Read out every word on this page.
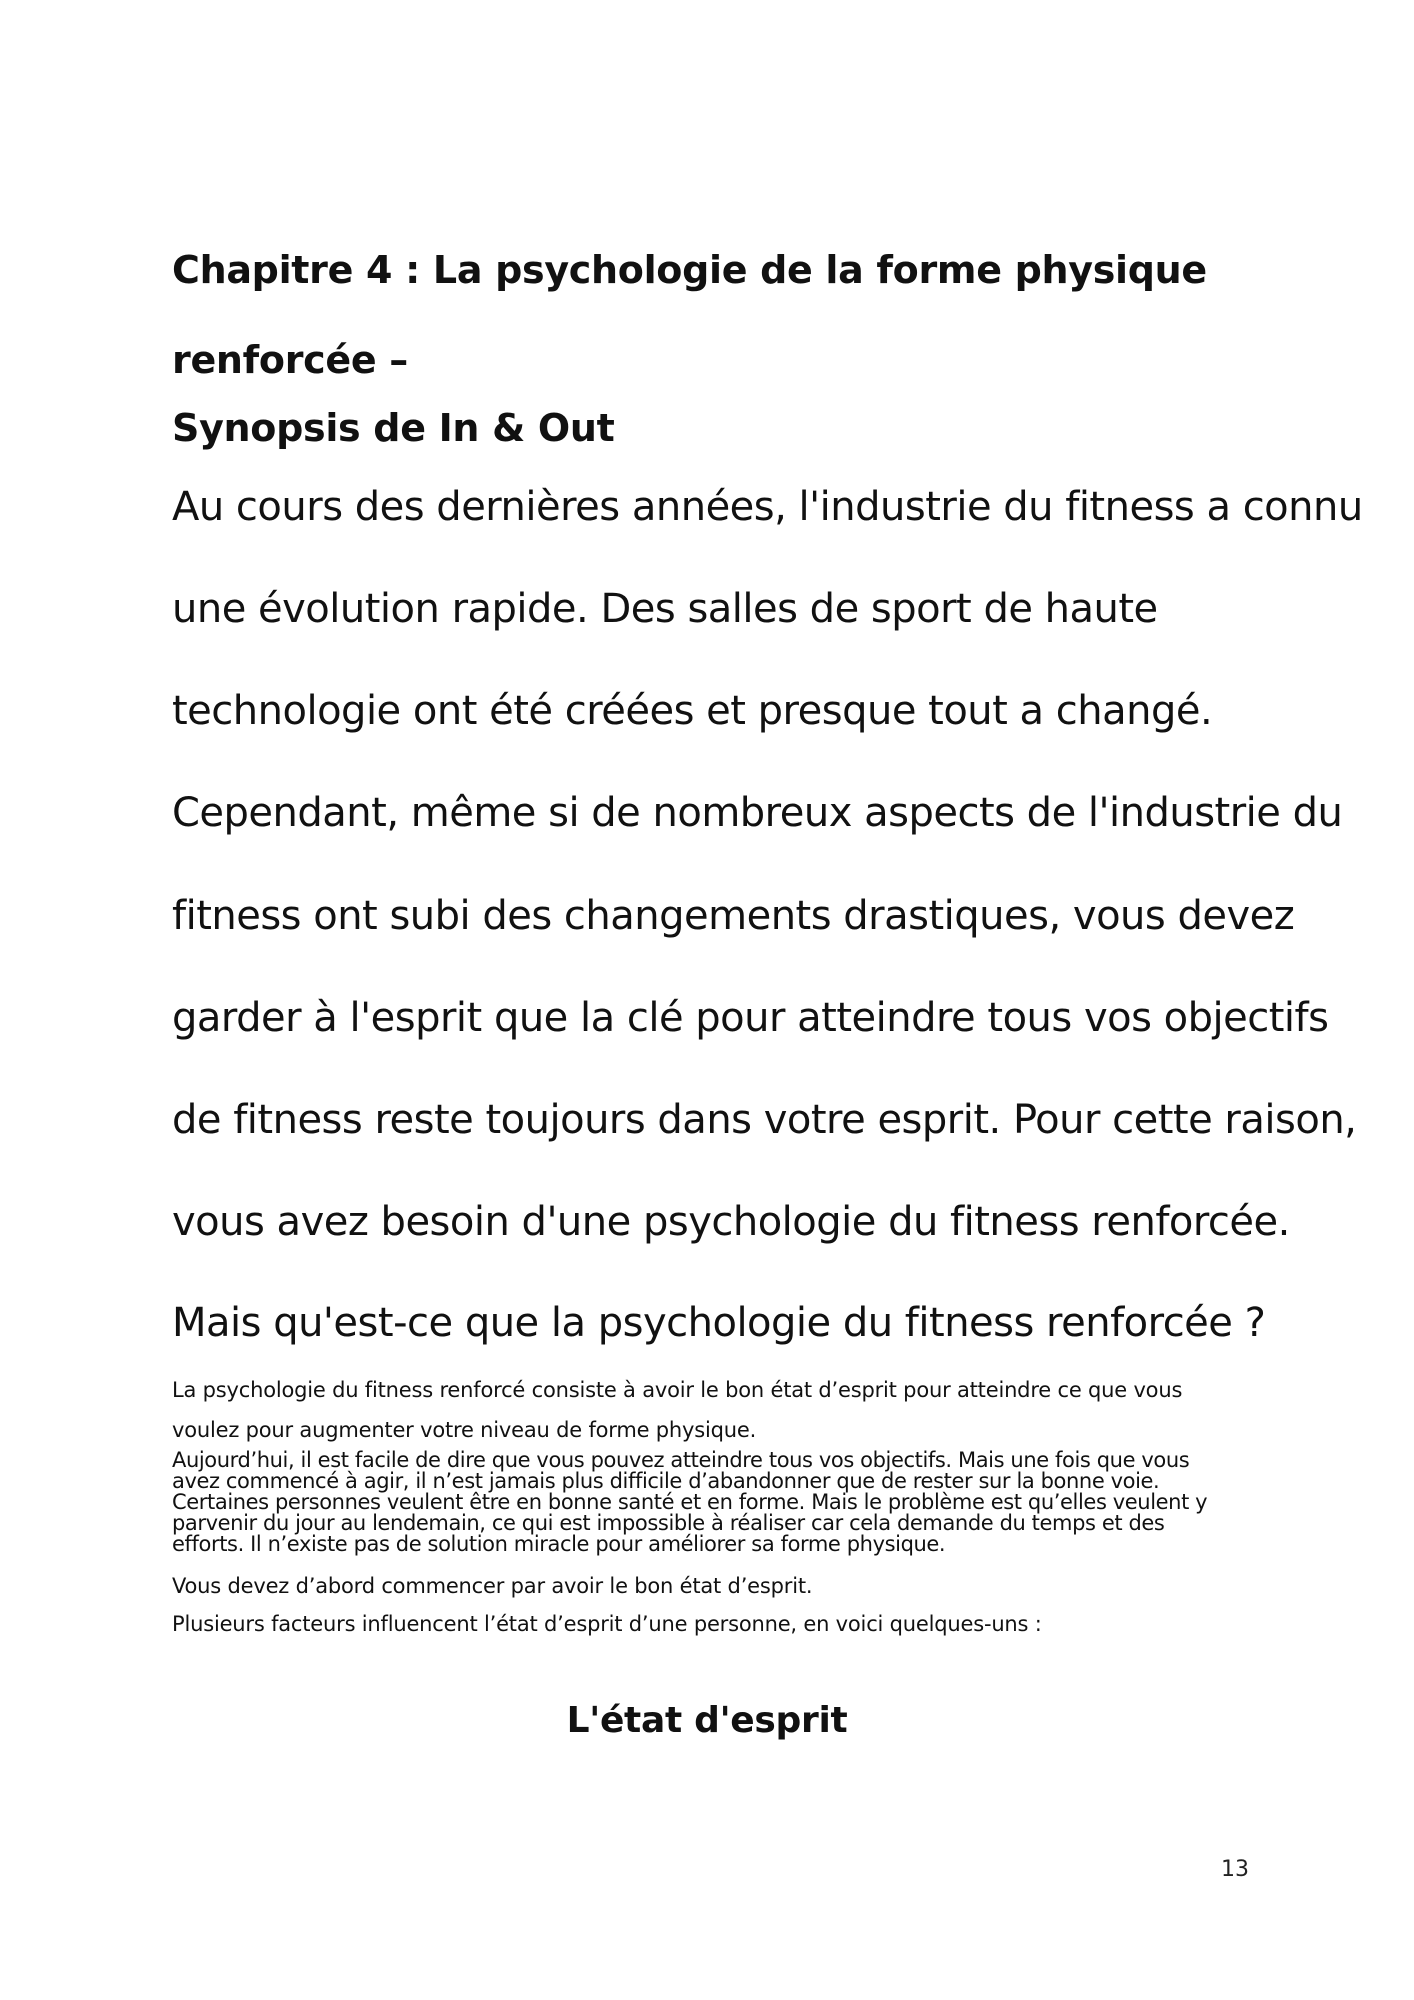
Chapitre 4 : La psychologie de la forme physique
renforcée –
Synopsis de In & Out

Au cours des dernières années, l'industrie du fitness a connu

une évolution rapide. Des salles de sport de haute

technologie ont été créées et presque tout a changé.

Cependant, même si de nombreux aspects de l'industrie du

fitness ont subi des changements drastiques, vous devez

garder à l'esprit que la clé pour atteindre tous vos objectifs

de fitness reste toujours dans votre esprit. Pour cette raison,

vous avez besoin d'une psychologie du fitness renforcée.

Mais qu'est-ce que la psychologie du fitness renforcée ?

La psychologie du fitness renforcé consiste à avoir le bon état d’esprit pour atteindre ce que vous

voulez pour augmenter votre niveau de forme physique.

Aujourd’hui, il est facile de dire que vous pouvez atteindre tous vos objectifs. Mais une fois que vous
avez commencé à agir, il n’est jamais plus difficile d’abandonner que de rester sur la bonne voie.
Certaines personnes veulent être en bonne santé et en forme. Mais le problème est qu’elles veulent y
parvenir du jour au lendemain, ce qui est impossible à réaliser car cela demande du temps et des
efforts. Il n’existe pas de solution miracle pour améliorer sa forme physique.

Vous devez d’abord commencer par avoir le bon état d’esprit.

Plusieurs facteurs influencent l’état d’esprit d’une personne, en voici quelques-uns :

L'état d'esprit
13
